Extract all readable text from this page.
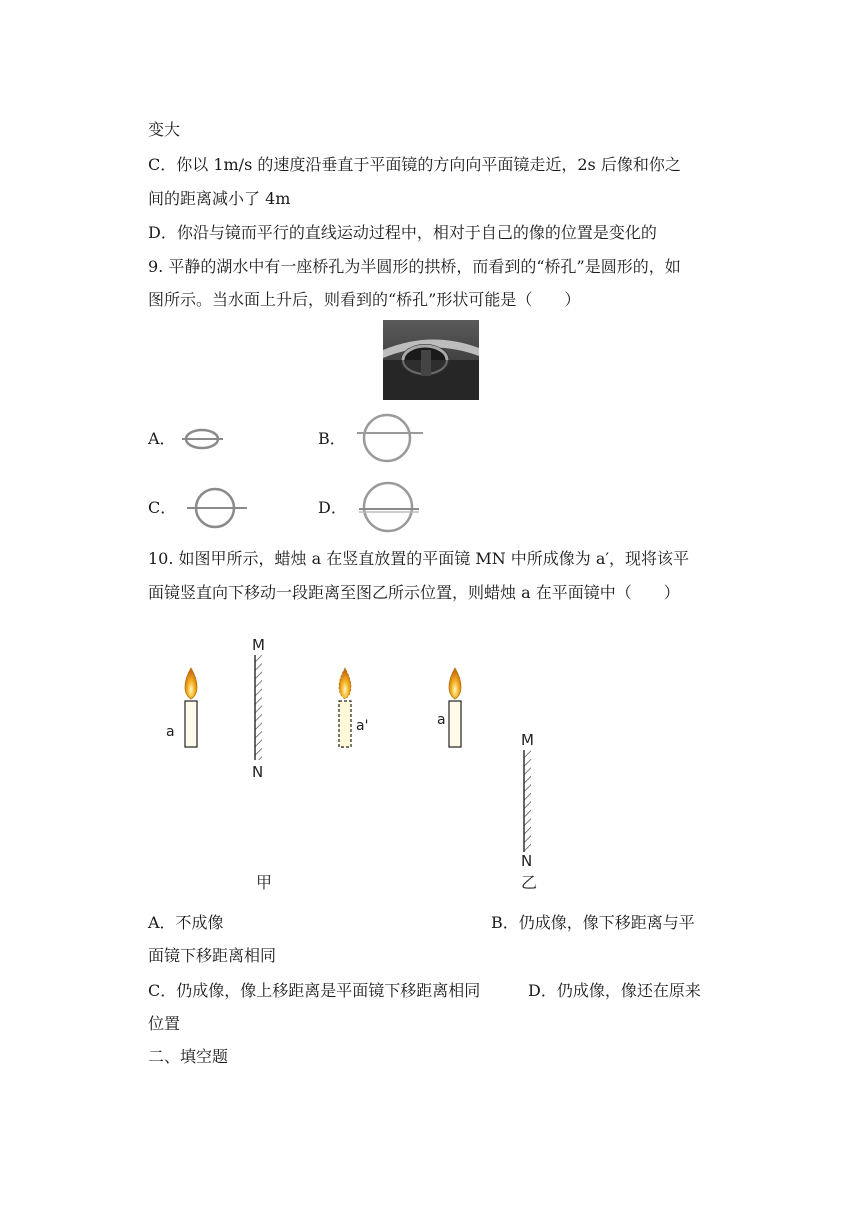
变大
C．你以 1m/s 的速度沿垂直于平面镜的方向向平面镜走近，2s 后像和你之
间的距离减小了 4m
D．你沿与镜而平行的直线运动过程中，相对于自己的像的位置是变化的
9. 平静的湖水中有一座桥孔为半圆形的拱桥，而看到的“桥孔”是圆形的，如
图所示。当水面上升后，则看到的“桥孔”形状可能是（　　）
A．	B．
C．	D．
10. 如图甲所示，蜡烛 a 在竖直放置的平面镜 MN 中所成像为 a′，现将该平
面镜竖直向下移动一段距离至图乙所示位置，则蜡烛 a 在平面镜中（　　）
a
M
N
a'	a
M
N
甲	乙
A．不成像	B．仍成像，像下移距离与平
面镜下移距离相同
C．仍成像，像上移距离是平面镜下移距离相同	D．仍成像，像还在原来
位置
二、填空题
